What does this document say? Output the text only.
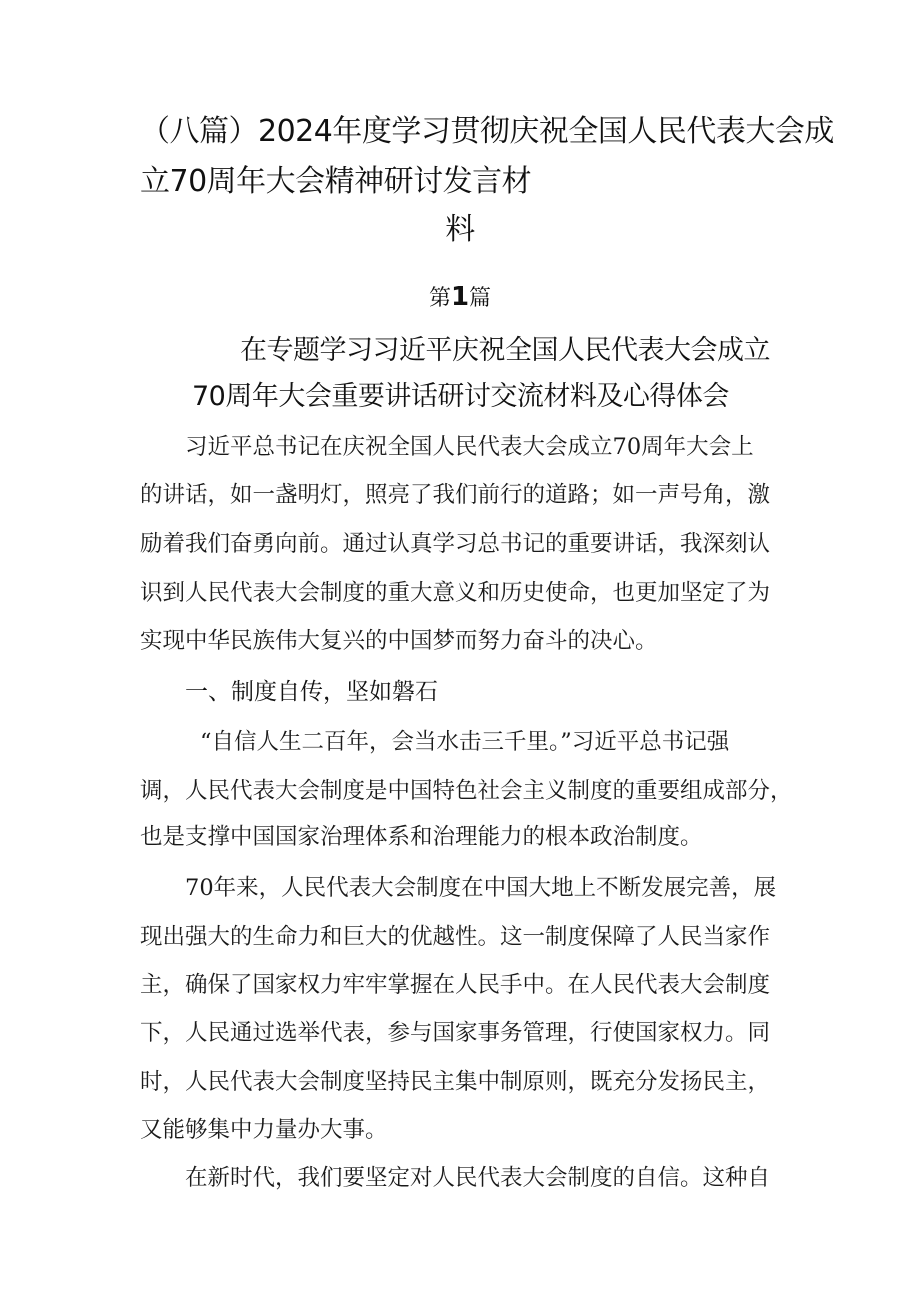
（八篇）2024年度学习贯彻庆祝全国人民代表大会成
立70周年大会精神研讨发言材
料
第1篇
在专题学习习近平庆祝全国人民代表大会成立
70周年大会重要讲话研讨交流材料及心得体会
习近平总书记在庆祝全国人民代表大会成立70周年大会上
的讲话，如一盏明灯，照亮了我们前行的道路；如一声号角，激
励着我们奋勇向前。通过认真学习总书记的重要讲话，我深刻认
识到人民代表大会制度的重大意义和历史使命，也更加坚定了为
实现中华民族伟大复兴的中国梦而努力奋斗的决心。
一、制度自传，坚如磐石
“自信人生二百年，会当水击三千里。”习近平总书记强
调，人民代表大会制度是中国特色社会主义制度的重要组成部分，
也是支撑中国国家治理体系和治理能力的根本政治制度。
70年来，人民代表大会制度在中国大地上不断发展完善，展
现出强大的生命力和巨大的优越性。这一制度保障了人民当家作
主，确保了国家权力牢牢掌握在人民手中。在人民代表大会制度
下，人民通过选举代表，参与国家事务管理，行使国家权力。同
时，人民代表大会制度坚持民主集中制原则，既充分发扬民主，
又能够集中力量办大事。
在新时代，我们要坚定对人民代表大会制度的自信。这种自
